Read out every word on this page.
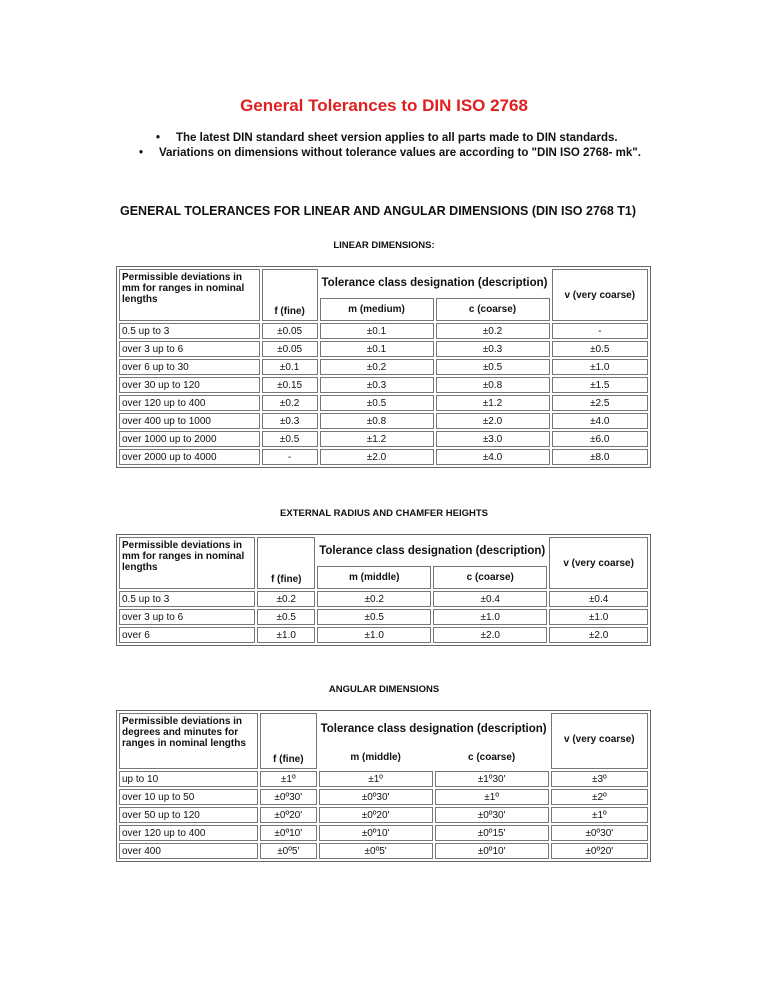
General Tolerances to DIN ISO 2768
• The latest DIN standard sheet version applies to all parts made to DIN standards.
• Variations on dimensions without tolerance values are according to "DIN ISO 2768- mk".
GENERAL TOLERANCES FOR LINEAR AND ANGULAR DIMENSIONS (DIN ISO 2768 T1)

LINEAR DIMENSIONS:

Permissible deviations in mm for ranges in nominal lengths	f (fine)	Tolerance class designation (description)		v (very coarse)
		m (medium)	c (coarse)	
0.5 up to 3	±0.05	±0.1	±0.2	-
over 3 up to 6	±0.05	±0.1	±0.3	±0.5
over 6 up to 30	±0.1	±0.2	±0.5	±1.0
over 30 up to 120	±0.15	±0.3	±0.8	±1.5
over 120 up to 400	±0.2	±0.5	±1.2	±2.5
over 400 up to 1000	±0.3	±0.8	±2.0	±4.0
over 1000 up to 2000	±0.5	±1.2	±3.0	±6.0
over 2000 up to 4000	-	±2.0	±4.0	±8.0

EXTERNAL RADIUS AND CHAMFER HEIGHTS

Permissible deviations in mm for ranges in nominal lengths	f (fine)	Tolerance class designation (description)		v (very coarse)
		m (middle)	c (coarse)	
0.5 up to 3	±0.2	±0.2	±0.4	±0.4
over 3 up to 6	±0.5	±0.5	±1.0	±1.0
over 6	±1.0	±1.0	±2.0	±2.0

ANGULAR DIMENSIONS

Permissible deviations in degrees and minutes for ranges in nominal lengths	f (fine)	Tolerance class designation (description)		v (very coarse)
		m (middle)	c (coarse)	
up to 10	±1º	±1º	±1º30'	±3º
over 10 up to 50	±0º30'	±0º30'	±1º	±2º
over 50 up to 120	±0º20'	±0º20'	±0º30'	±1º
over 120 up to 400	±0º10'	±0º10'	±0º15'	±0º30'
over 400	±0º5'	±0º5'	±0º10'	±0º20'
